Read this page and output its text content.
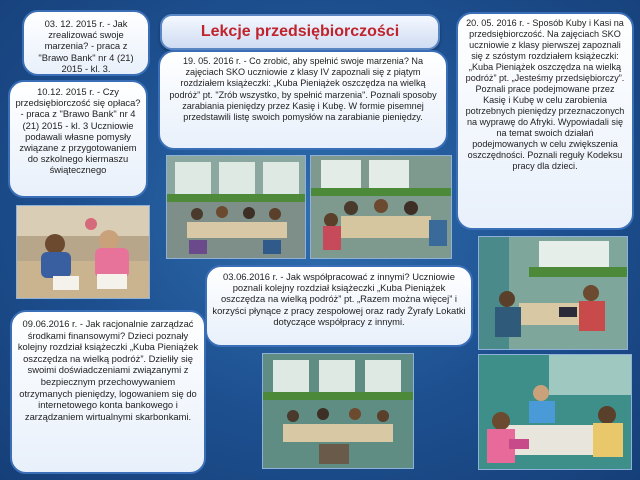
Lekcje przedsiębiorczości
03. 12. 2015 r. - Jak zrealizować swoje marzenia? - praca z "Brawo Bank" nr 4 (21) 2015 - kl. 3.
10.12. 2015 r. - Czy przedsiębiorczość się opłaca? - praca z "Brawo Bank" nr 4 (21) 2015 - kl. 3 Uczniowie podawali własne pomysły związane z przygotowaniem do szkolnego kiermaszu świątecznego
19. 05. 2016 r. - Co zrobić, aby spełnić swoje marzenia? Na zajęciach SKO uczniowie z klasy IV zapoznali się z piątym rozdziałem książeczki: „Kuba Pieniążek oszczędza na wielką podróż” pt. "Zrób wszystko, by spełnić marzenia". Poznali sposoby zarabiania pieniędzy przez Kasię i Kubę. W formie pisemnej przedstawili listę swoich pomysłów na zarabianie pieniędzy.
20. 05. 2016 r. - Sposób Kuby i Kasi na przedsiębiorczość. Na zajęciach SKO uczniowie z klasy pierwszej zapoznali się z szóstym rozdziałem książeczki: „Kuba Pieniążek oszczędza na wielką podróż” pt. „Jesteśmy przedsiębiorczy”. Poznali prace podejmowane przez Kasię i Kubę w celu zarobienia potrzebnych pieniędzy przeznaczonych na wyprawę do Afryki. Wypowiadali się na temat swoich działań podejmowanych w celu zwiększenia oszczędności. Poznali reguły Kodeksu pracy dla dzieci.
03.06.2016 r. - Jak współpracować z innymi? Uczniowie poznali kolejny rozdział książeczki „Kuba Pieniążek oszczędza na wielką podróż” pt. „Razem można więcej” i korzyści płynące z pracy zespołowej oraz rady Żyrafy Lokatki dotyczące współpracy z innymi.
09.06.2016 r. - Jak racjonalnie zarządzać środkami finansowymi? Dzieci poznały kolejny rozdział książeczki „Kuba Pieniążek oszczędza na wielką podróż”. Dzieliły się swoimi doświadczeniami związanymi z bezpiecznym przechowywaniem otrzymanych pieniędzy, logowaniem się do internetowego konta bankowego i zarządzaniem wirtualnymi skarbonkami.
